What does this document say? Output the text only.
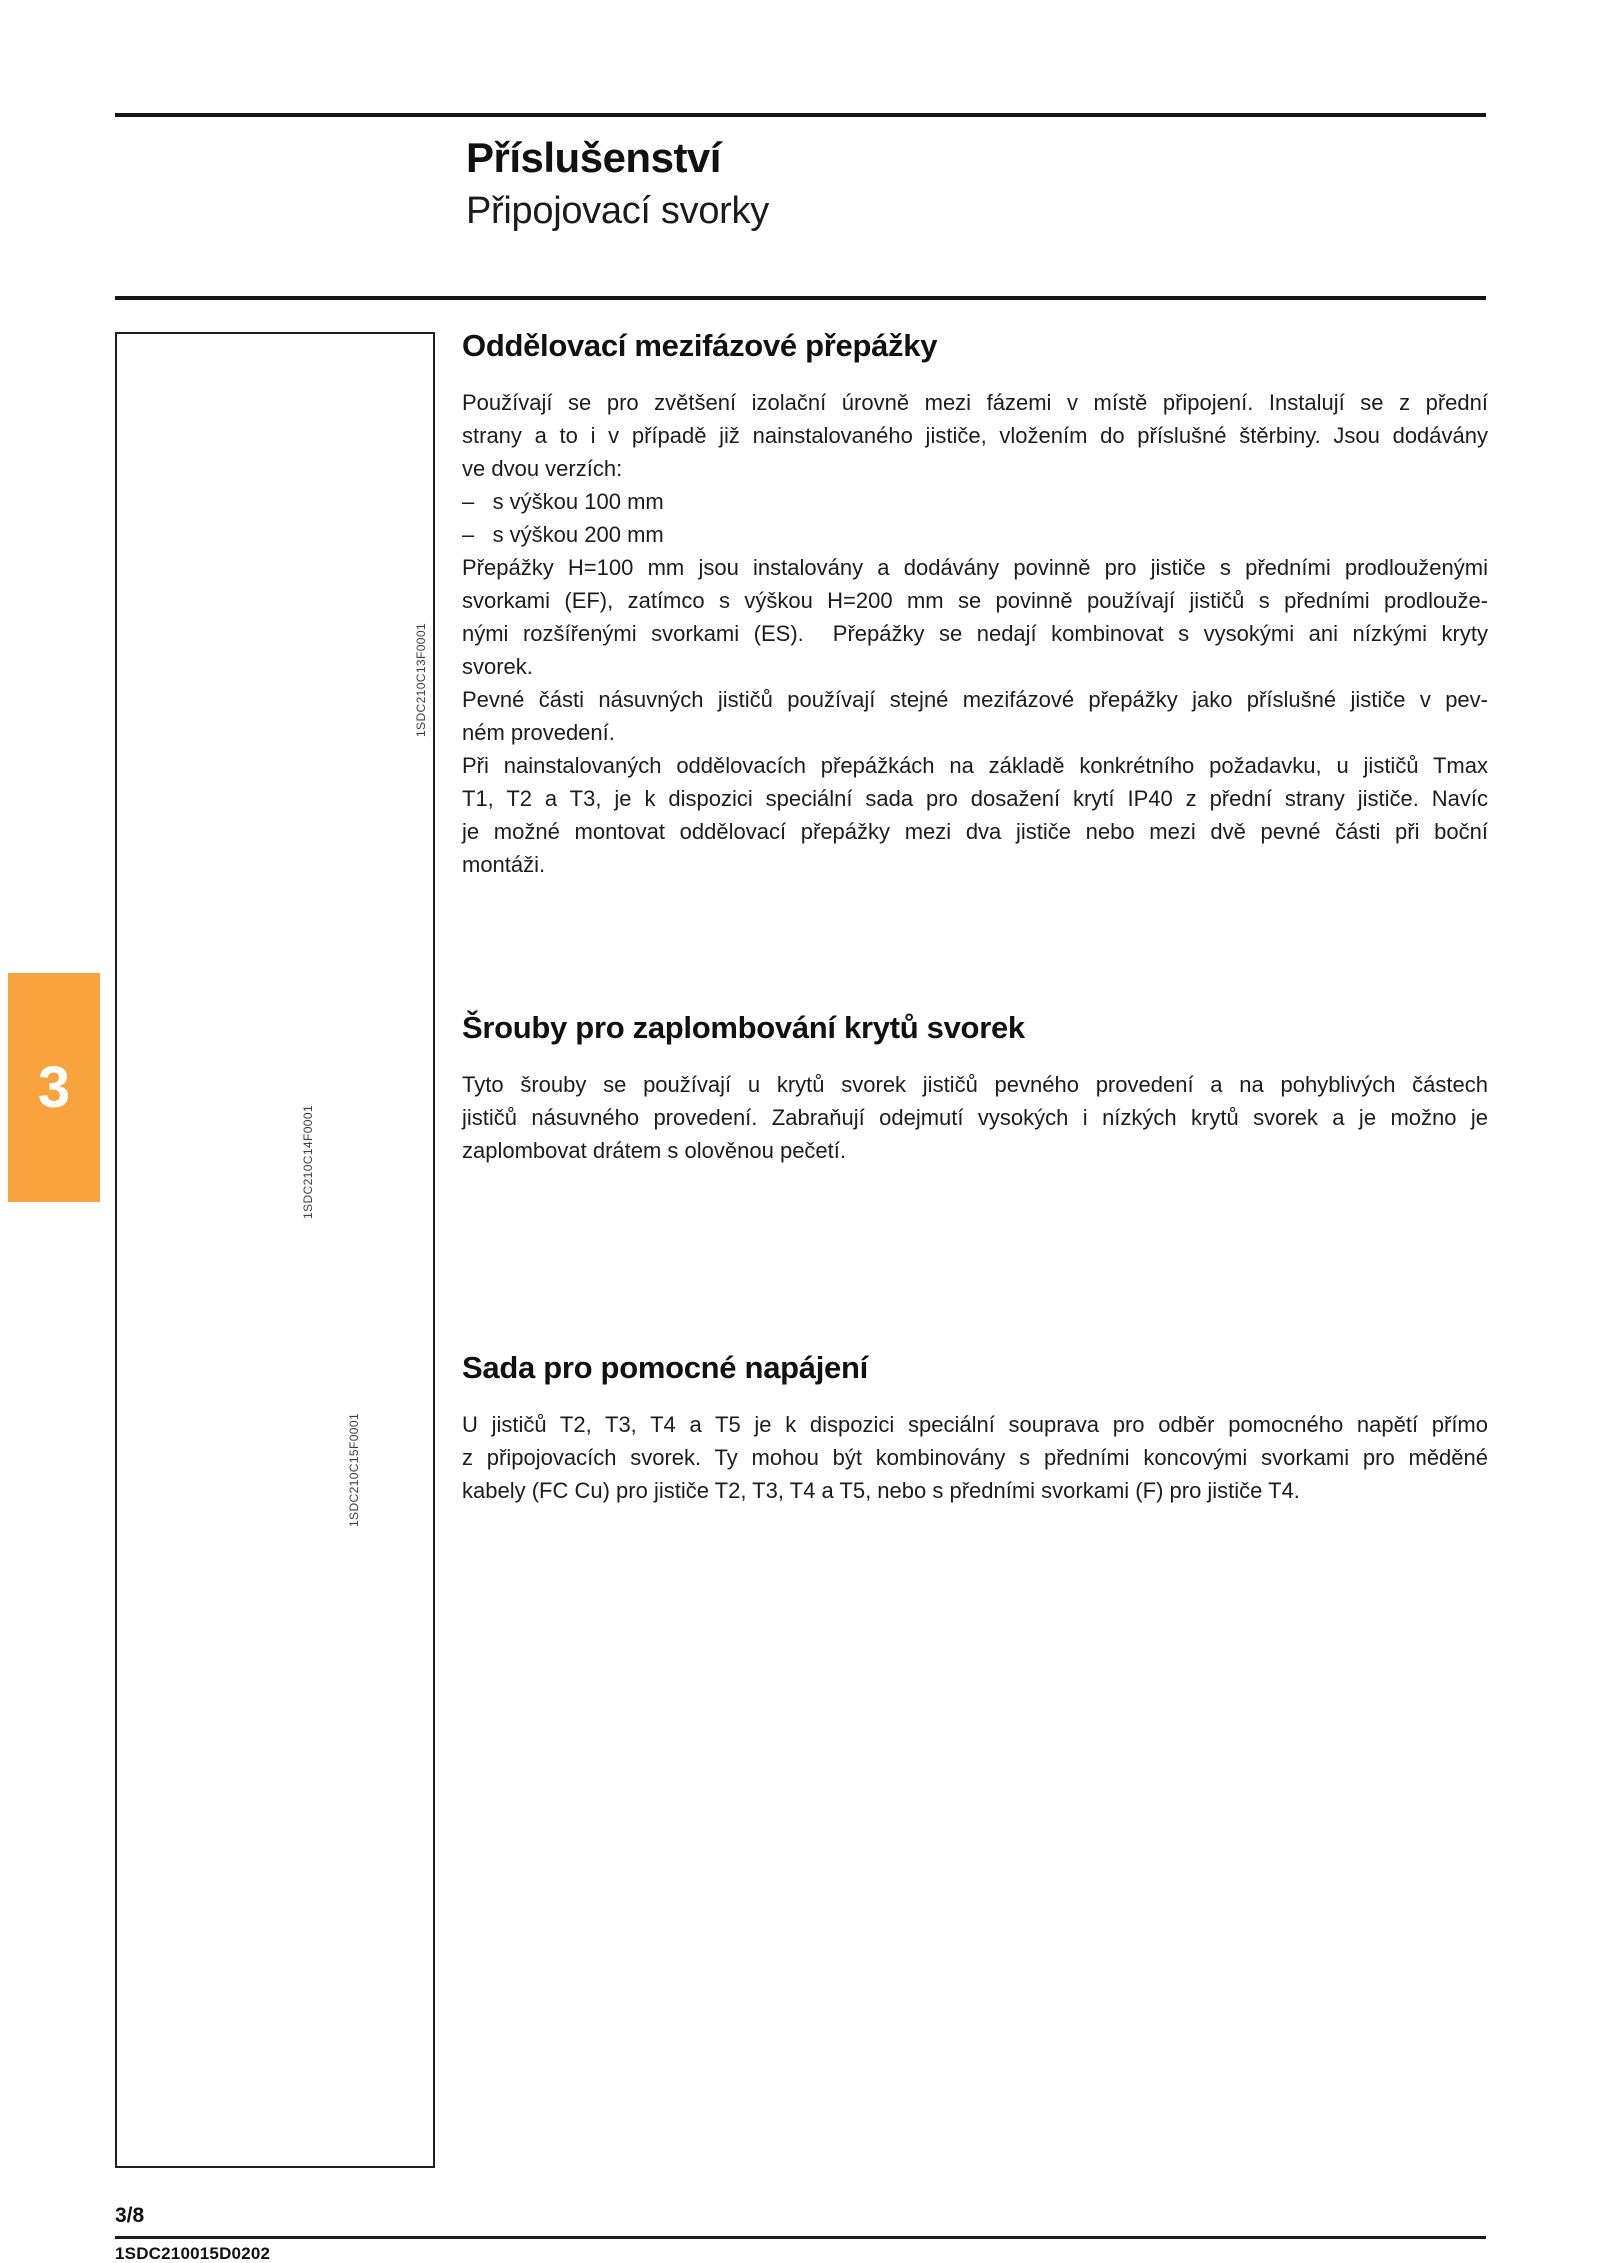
Příslušenství
Připojovací svorky
1SDC210C13F0001
1SDC210C14F0001
1SDC210C15F0001
3
Oddělovací mezifázové přepážky
Používají se pro zvětšení izolační úrovně mezi fázemi v místě připojení. Instalují se z přední
strany a to i v případě již nainstalovaného jističe, vložením do příslušné štěrbiny. Jsou dodávány
ve dvou verzích:
–   s výškou 100 mm
–   s výškou 200 mm
Přepážky H=100 mm jsou instalovány a dodávány povinně pro jističe s předními prodlouženými
svorkami (EF), zatímco s výškou H=200 mm se povinně používají jističů s předními prodlouže-
nými rozšířenými svorkami (ES).  Přepážky se nedají kombinovat s vysokými ani nízkými kryty
svorek.
Pevné části násuvných jističů používají stejné mezifázové přepážky jako příslušné jističe v pev-
ném provedení.
Při nainstalovaných oddělovacích přepážkách na základě konkrétního požadavku, u jističů Tmax
T1, T2 a T3, je k dispozici speciální sada pro dosažení krytí IP40 z přední strany jističe. Navíc
je možné montovat oddělovací přepážky mezi dva jističe nebo mezi dvě pevné části při boční
montáži.
Šrouby pro zaplombování krytů svorek
Tyto šrouby se používají u krytů svorek jističů pevného provedení a na pohyblivých částech
jističů násuvného provedení. Zabraňují odejmutí vysokých i nízkých krytů svorek a je možno je
zaplombovat drátem s olověnou pečetí.
Sada pro pomocné napájení
U jističů T2, T3, T4 a T5 je k dispozici speciální souprava pro odběr pomocného napětí přímo
z připojovacích svorek. Ty mohou být kombinovány s předními koncovými svorkami pro měděné
kabely (FC Cu) pro jističe T2, T3, T4 a T5, nebo s předními svorkami (F) pro jističe T4.
3/8
1SDC210015D0202
